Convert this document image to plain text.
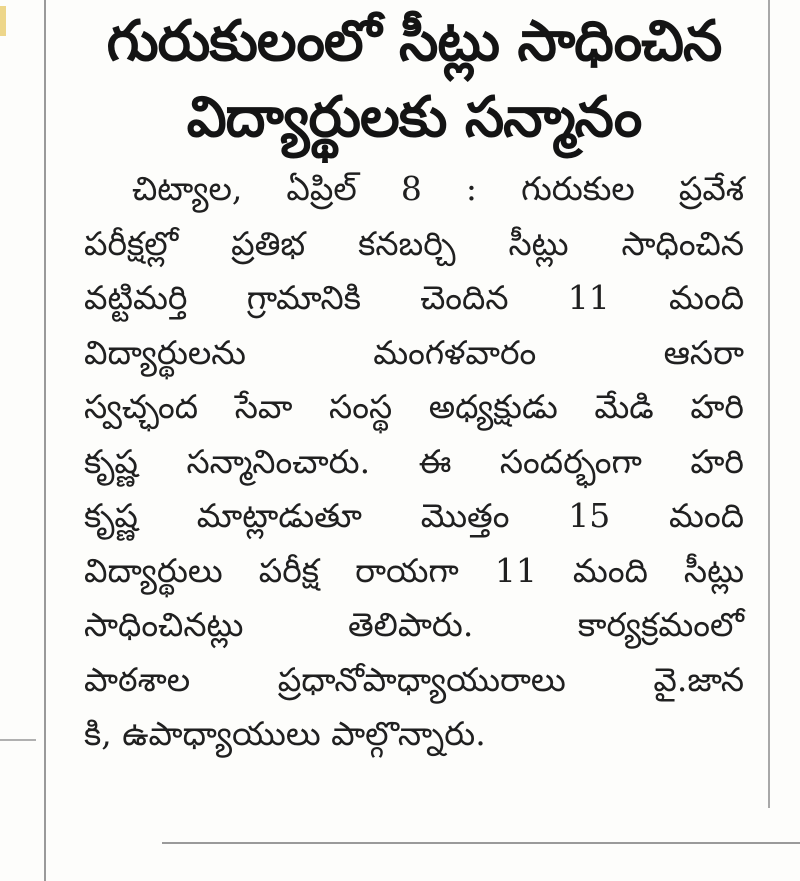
గురుకులంలో సీట్లు సాధించిన
విద్యార్థులకు సన్మానం
చిట్యాల, ఏప్రిల్ 8 : గురుకుల ప్రవేశ
పరీక్షల్లో ప్రతిభ కనబర్చి సీట్లు సాధించిన
వట్టిమర్తి గ్రామానికి చెందిన 11 మంది
విద్యార్థులను మంగళవారం ఆసరా
స్వచ్ఛంద సేవా సంస్థ అధ్యక్షుడు మేడి హరి
కృష్ణ సన్మానించారు. ఈ సందర్భంగా హరి
కృష్ణ మాట్లాడుతూ మొత్తం 15 మంది
విద్యార్థులు పరీక్ష రాయగా 11 మంది సీట్లు
సాధించినట్లు తెలిపారు. కార్యక్రమంలో
పాఠశాల ప్రధానోపాధ్యాయురాలు వై.జాన
కి, ఉపాధ్యాయులు పాల్గొన్నారు.
